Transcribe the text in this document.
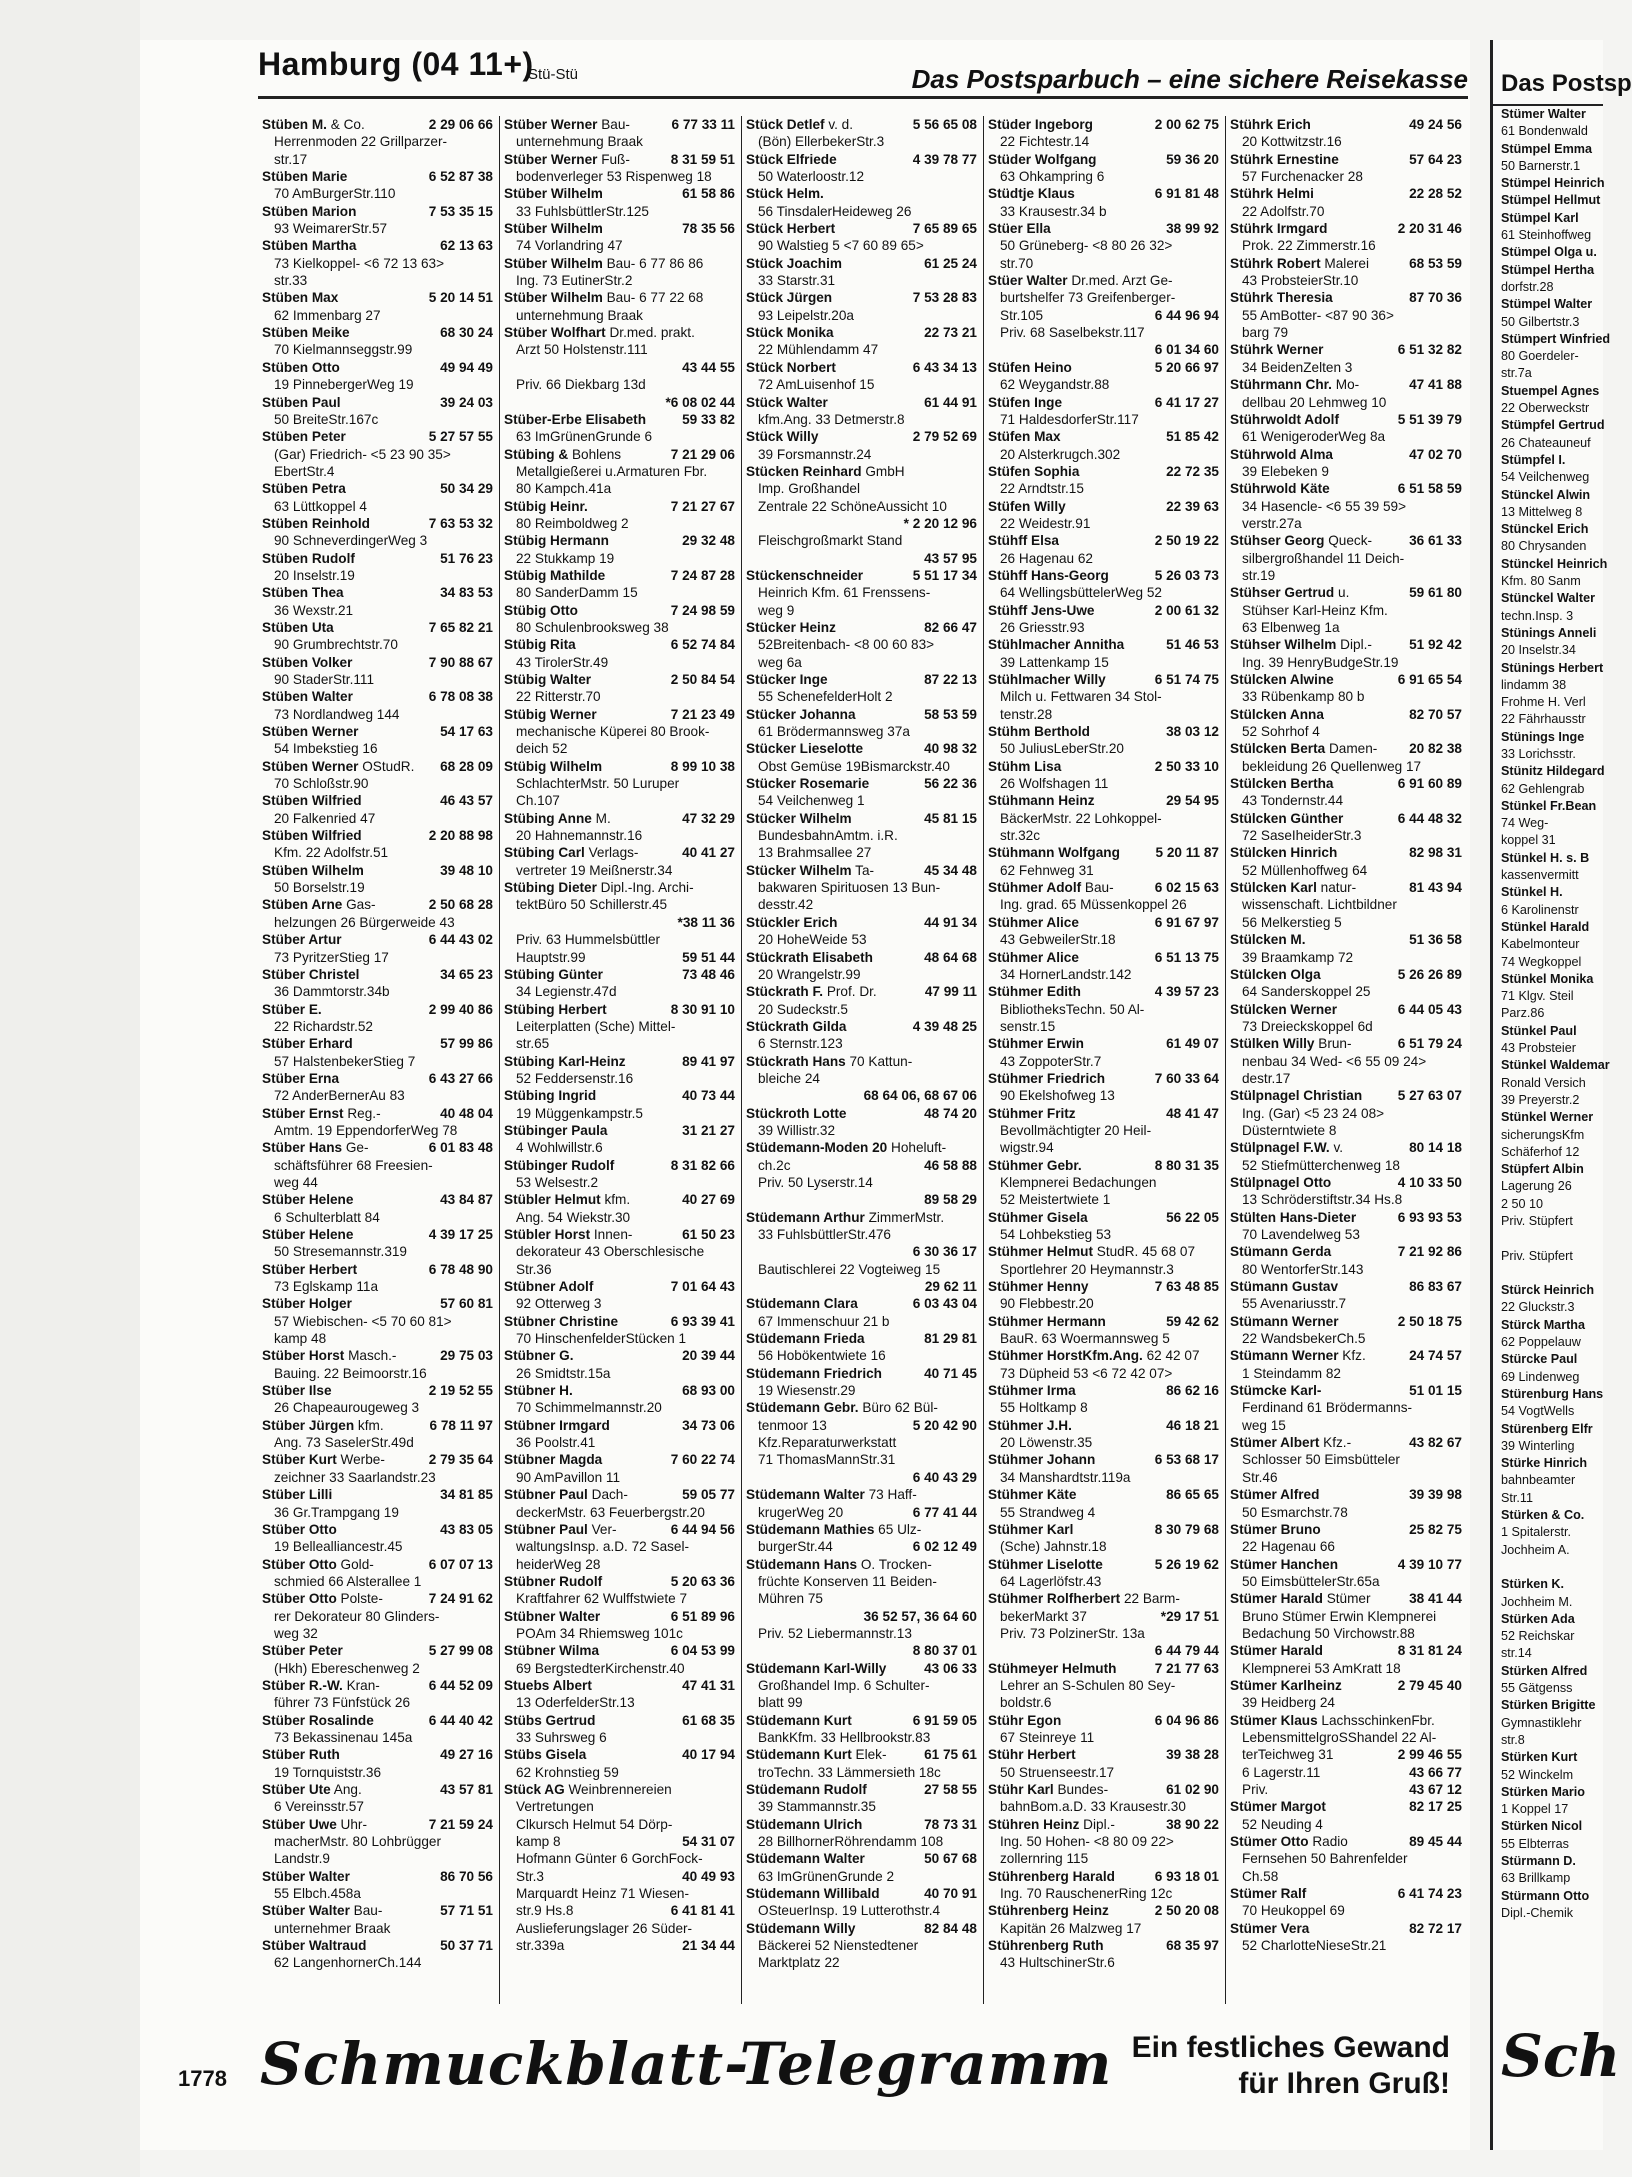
Hamburg (04 11+)
Stü-Stü	Das Postsparbuch – eine sichere Reisekasse
Stüben M. & Co.	2 29 06 66
Herrenmoden 22 Grillparzer-
str.17
Stüben Marie	6 52 87 38
70 AmBurgerStr.110
Stüben Marion	7 53 35 15
93 WeimarerStr.57
Stüben Martha	62 13 63
73 Kielkoppel- <6 72 13 63>
str.33
Stüben Max	5 20 14 51
62 Immenbarg 27
Stüben Meike	68 30 24
70 Kielmannseggstr.99
Stüben Otto	49 94 49
19 PinnebergerWeg 19
Stüben Paul	39 24 03
50 BreiteStr.167c
Stüben Peter	5 27 57 55
(Gar) Friedrich- <5 23 90 35>
EbertStr.4
Stüben Petra	50 34 29
63 Lüttkoppel 4
Stüben Reinhold	7 63 53 32
90 SchneverdingerWeg 3
Stüben Rudolf	51 76 23
20 Inselstr.19
Stüben Thea	34 83 53
36 Wexstr.21
Stüben Uta	7 65 82 21
90 Grumbrechtstr.70
Stüben Volker	7 90 88 67
90 StaderStr.111
Stüben Walter	6 78 08 38
73 Nordlandweg 144
Stüben Werner	54 17 63
54 Imbekstieg 16
Stüben Werner OStudR. 68 28 09
70 Schloßstr.90
Stüben Wilfried	46 43 57
20 Falkenried 47
Stüben Wilfried	2 20 88 98
Kfm. 22 Adolfstr.51
Stüben Wilhelm	39 48 10
50 Borselstr.19
Stüben Arne Gas-	2 50 68 28
helzungen 26 Bürgerweide 43
Stüber Artur	6 44 43 02
73 PyritzerStieg 17
Stüber Christel	34 65 23
36 Dammtorstr.34b
Stüber E.	2 99 40 86
22 Richardstr.52
Stüber Erhard	57 99 86
57 HalstenbekerStieg 7
Stüber Erna	6 43 27 66
72 AnderBernerAu 83
Stüber Ernst Reg.-	40 48 04
Amtm. 19 EppendorferWeg 78
Stüber Hans Ge-	6 01 83 48
schäftsführer 68 Freesien-
weg 44
Stüber Helene	43 84 87
6 Schulterblatt 84
Stüber Helene	4 39 17 25
50 Stresemannstr.319
Stüber Herbert	6 78 48 90
73 Eglskamp 11a
Stüber Holger	57 60 81
57 Wiebischen- <5 70 60 81>
kamp 48
Stüber Horst Masch.-	29 75 03
Bauing. 22 Beimoorstr.16
Stüber Ilse	2 19 52 55
26 Chapeaurougeweg 3
Stüber Jürgen kfm.	6 78 11 97
Ang. 73 SaselerStr.49d
Stüber Kurt Werbe-	2 79 35 64
zeichner 33 Saarlandstr.23
Stüber Lilli	34 81 85
36 Gr.Trampgang 19
Stüber Otto	43 83 05
19 Bellealliancestr.45
Stüber Otto Gold-	6 07 07 13
schmied 66 Alsterallee 1
Stüber Otto Polste-	7 24 91 62
rer Dekorateur 80 Glinders-
weg 32
Stüber Peter	5 27 99 08
(Hkh) Ebereschenweg 2
Stüber R.-W. Kran-	6 44 52 09
führer 73 Fünfstück 26
Stüber Rosalinde	6 44 40 42
73 Bekassinenau 145a
Stüber Ruth	49 27 16
19 Tornquiststr.36
Stüber Ute Ang.	43 57 81
6 Vereinsstr.57
Stüber Uwe Uhr-	7 21 59 24
macherMstr. 80 Lohbrügger
Landstr.9
Stüber Walter	86 70 56
55 Elbch.458a
Stüber Walter Bau-	57 71 51
unternehmer Braak
Stüber Waltraud	50 37 71
62 LangenhornerCh.144
Stüber Werner Bau-	6 77 33 11
unternehmung Braak
Stüber Werner Fuß-	8 31 59 51
bodenverleger 53 Rispenweg 18
Stüber Wilhelm	61 58 86
33 FuhlsbüttlerStr.125
Stüber Wilhelm	78 35 56
74 Vorlandring 47
Stüber Wilhelm Bau- 6 77 86 86
Ing. 73 EutinerStr.2
Stüber Wilhelm Bau- 6 77 22 68
unternehmung Braak
Stüber Wolfhart Dr.med. prakt.
Arzt 50 Holstenstr.111
43 44 55
Priv. 66 Diekbarg 13d
*6 08 02 44
Stüber-Erbe Elisabeth	59 33 82
63 ImGrünenGrunde 6
Stübing & Bohlens	7 21 29 06
Metallgießerei u.Armaturen Fbr.
80 Kampch.41a
Stübig Heinr.	7 21 27 67
80 Reimboldweg 2
Stübig Hermann	29 32 48
22 Stukkamp 19
Stübig Mathilde	7 24 87 28
80 SanderDamm 15
Stübig Otto	7 24 98 59
80 Schulenbrooksweg 38
Stübig Rita	6 52 74 84
43 TirolerStr.49
Stübig Walter	2 50 84 54
22 Ritterstr.70
Stübig Werner	7 21 23 49
mechanische Küperei 80 Brook-
deich 52
Stübig Wilhelm	8 99 10 38
SchlachterMstr. 50 Luruper
Ch.107
Stübing Anne M.	47 32 29
20 Hahnemannstr.16
Stübing Carl Verlags-	40 41 27
vertreter 19 Meißnerstr.34
Stübing Dieter Dipl.-Ing. Archi-
tektBüro 50 Schillerstr.45
*38 11 36
Priv. 63 Hummelsbüttler
Hauptstr.99	59 51 44
Stübing Günter	73 48 46
34 Legienstr.47d
Stübing Herbert	8 30 91 10
Leiterplatten (Sche) Mittel-
str.65
Stübing Karl-Heinz	89 41 97
52 Feddersenstr.16
Stübing Ingrid	40 73 44
19 Müggenkampstr.5
Stübinger Paula	31 21 27
4 Wohlwillstr.6
Stübinger Rudolf	8 31 82 66
53 Welsestr.2
Stübler Helmut kfm.	40 27 69
Ang. 54 Wiekstr.30
Stübler Horst Innen-	61 50 23
dekorateur 43 Oberschlesische
Str.36
Stübner Adolf	7 01 64 43
92 Otterweg 3
Stübner Christine	6 93 39 41
70 HinschenfelderStücken 1
Stübner G.	20 39 44
26 Smidtstr.15a
Stübner H.	68 93 00
70 Schimmelmannstr.20
Stübner Irmgard	34 73 06
36 Poolstr.41
Stübner Magda	7 60 22 74
90 AmPavillon 11
Stübner Paul Dach-	59 05 77
deckerMstr. 63 Feuerbergstr.20
Stübner Paul Ver-	6 44 94 56
waltungsInsp. a.D. 72 Sasel-
heiderWeg 28
Stübner Rudolf	5 20 63 36
Kraftfahrer 62 Wulffstwiete 7
Stübner Walter	6 51 89 96
POAm 34 Rhiemsweg 101c
Stübner Wilma	6 04 53 99
69 BergstedterKirchenstr.40
Stuebs Albert	47 41 31
13 OderfelderStr.13
Stübs Gertrud	61 68 35
33 Suhrsweg 6
Stübs Gisela	40 17 94
62 Krohnstieg 59
Stück AG Weinbrennereien
Vertretungen
Clkursch Helmut 54 Dörp-
kamp 8	54 31 07
Hofmann Günter 6 GorchFock-
Str.3	40 49 93
Marquardt Heinz 71 Wiesen-
str.9 Hs.8	6 41 81 41
Auslieferungslager 26 Süder-
str.339a	21 34 44
Stück Detlef v. d.	5 56 65 08
(Bön) EllerbekerStr.3
Stück Elfriede	4 39 78 77
50 Waterloostr.12
Stück Helm.
56 TinsdalerHeideweg 26
Stück Herbert	7 65 89 65
90 Walstieg 5 <7 60 89 65>
Stück Joachim	61 25 24
33 Starstr.31
Stück Jürgen	7 53 28 83
93 Leipelstr.20a
Stück Monika	22 73 21
22 Mühlendamm 47
Stück Norbert	6 43 34 13
72 AmLuisenhof 15
Stück Walter	61 44 91
kfm.Ang. 33 Detmerstr.8
Stück Willy	2 79 52 69
39 Forsmannstr.24
Stücken Reinhard GmbH
Imp. Großhandel
Zentrale 22 SchöneAussicht 10
* 2 20 12 96
Fleischgroßmarkt Stand
43 57 95
Stückenschneider	5 51 17 34
Heinrich Kfm. 61 Frenssens-
weg 9
Stücker Heinz	82 66 47
52Breitenbach- <8 00 60 83>
weg 6a
Stücker Inge	87 22 13
55 SchenefelderHolt 2
Stücker Johanna	58 53 59
61 Brödermannsweg 37a
Stücker Lieselotte	40 98 32
Obst Gemüse 19Bismarckstr.40
Stücker Rosemarie	56 22 36
54 Veilchenweg 1
Stücker Wilhelm	45 81 15
BundesbahnAmtm. i.R.
13 Brahmsallee 27
Stücker Wilhelm Ta-	45 34 48
bakwaren Spirituosen 13 Bun-
desstr.42
Stückler Erich	44 91 34
20 HoheWeide 53
Stückrath Elisabeth	48 64 68
20 Wrangelstr.99
Stückrath F. Prof. Dr.	47 99 11
20 Sudeckstr.5
Stückrath Gilda	4 39 48 25
6 Sternstr.123
Stückrath Hans 70 Kattun-
bleiche 24
68 64 06, 68 67 06
Stückroth Lotte	48 74 20
39 Willistr.32
Stüdemann-Moden 20 Hoheluft-
ch.2c	46 58 88
Priv. 50 Lyserstr.14
89 58 29
Stüdemann Arthur ZimmerMstr.
33 FuhlsbüttlerStr.476
6 30 36 17
Bautischlerei 22 Vogteiweg 15
29 62 11
Stüdemann Clara	6 03 43 04
67 Immenschuur 21 b
Stüdemann Frieda	81 29 81
56 Hobökentwiete 16
Stüdemann Friedrich	40 71 45
19 Wiesenstr.29
Stüdemann Gebr. Büro 62 Bül-
tenmoor 13	5 20 42 90
Kfz.Reparaturwerkstatt
71 ThomasMannStr.31
6 40 43 29
Stüdemann Walter 73 Haff-
krugerWeg 20	6 77 41 44
Stüdemann Mathies 65 Ulz-
burgerStr.44	6 02 12 49
Stüdemann Hans O. Trocken-
früchte Konserven 11 Beiden-
Mühren 75
36 52 57, 36 64 60
Priv. 52 Liebermannstr.13
8 80 37 01
Stüdemann Karl-Willy	43 06 33
Großhandel Imp. 6 Schulter-
blatt 99
Stüdemann Kurt	6 91 59 05
BankKfm. 33 Hellbrookstr.83
Stüdemann Kurt Elek-	61 75 61
troTechn. 33 Lämmersieth 18c
Stüdemann Rudolf	27 58 55
39 Stammannstr.35
Stüdemann Ulrich	78 73 31
28 BillhornerRöhrendamm 108
Stüdemann Walter	50 67 68
63 ImGrünenGrunde 2
Stüdemann Willibald	40 70 91
OSteuerInsp. 19 Lutterothstr.4
Stüdemann Willy	82 84 48
Bäckerei 52 Nienstedtener
Marktplatz 22
Stüder Ingeborg	2 00 62 75
22 Fichtestr.14
Stüder Wolfgang	59 36 20
63 Ohkampring 6
Stüdtje Klaus	6 91 81 48
33 Krausestr.34 b
Stüer Ella	38 99 92
50 Grüneberg- <8 80 26 32>
str.70
Stüer Walter Dr.med. Arzt Ge-
burtshelfer 73 Greifenberger-
Str.105	6 44 96 94
Priv. 68 Saselbekstr.117
6 01 34 60
Stüfen Heino	5 20 66 97
62 Weygandstr.88
Stüfen Inge	6 41 17 27
71 HaldesdorferStr.117
Stüfen Max	51 85 42
20 Alsterkrugch.302
Stüfen Sophia	22 72 35
22 Arndtstr.15
Stüfen Willy	22 39 63
22 Weidestr.91
Stühff Elsa	2 50 19 22
26 Hagenau 62
Stühff Hans-Georg	5 26 03 73
64 WellingsbüttelerWeg 52
Stühff Jens-Uwe	2 00 61 32
26 Griesstr.93
Stühlmacher Annitha	51 46 53
39 Lattenkamp 15
Stühlmacher Willy	6 51 74 75
Milch u. Fettwaren 34 Stol-
tenstr.28
Stühm Berthold	38 03 12
50 JuliusLeberStr.20
Stühm Lisa	2 50 33 10
26 Wolfshagen 11
Stühmann Heinz	29 54 95
BäckerMstr. 22 Lohkoppel-
str.32c
Stühmann Wolfgang	5 20 11 87
62 Fehnweg 31
Stühmer Adolf Bau-	6 02 15 63
Ing. grad. 65 Müssenkoppel 26
Stühmer Alice	6 91 67 97
43 GebweilerStr.18
Stühmer Alice	6 51 13 75
34 HornerLandstr.142
Stühmer Edith	4 39 57 23
BibliotheksTechn. 50 Al-
senstr.15
Stühmer Erwin	61 49 07
43 ZoppoterStr.7
Stühmer Friedrich	7 60 33 64
90 Ekelshofweg 13
Stühmer Fritz	48 41 47
Bevollmächtigter 20 Heil-
wigstr.94
Stühmer Gebr.	8 80 31 35
Klempnerei Bedachungen
52 Meistertwiete 1
Stühmer Gisela	56 22 05
54 Lohbekstieg 53
Stühmer Helmut StudR. 45 68 07
Sportlehrer 20 Heymannstr.3
Stühmer Henny	7 63 48 85
90 Flebbestr.20
Stühmer Hermann	59 42 62
BauR. 63 Woermannsweg 5
Stühmer HorstKfm.Ang. 62 42 07
73 Düpheid 53 <6 72 42 07>
Stühmer Irma	86 62 16
55 Holtkamp 8
Stühmer J.H.	46 18 21
20 Löwenstr.35
Stühmer Johann	6 53 68 17
34 Manshardtstr.119a
Stühmer Käte	86 65 65
55 Strandweg 4
Stühmer Karl	8 30 79 68
(Sche) Jahnstr.18
Stühmer Liselotte	5 26 19 62
64 Lagerlöfstr.43
Stühmer Rolfherbert 22 Barm-
bekerMarkt 37	*29 17 51
Priv. 73 PolzinerStr. 13a
6 44 79 44
Stühmeyer Helmuth	7 21 77 63
Lehrer an S-Schulen 80 Sey-
boldstr.6
Stühr Egon	6 04 96 86
67 Steinreye 11
Stühr Herbert	39 38 28
50 Struenseestr.17
Stühr Karl Bundes-	61 02 90
bahnBom.a.D. 33 Krausestr.30
Stühren Heinz Dipl.-	38 90 22
Ing. 50 Hohen- <8 80 09 22>
zollernring 115
Stührenberg Harald	6 93 18 01
Ing. 70 RauschenerRing 12c
Stührenberg Heinz	2 50 20 08
Kapitän 26 Malzweg 17
Stührenberg Ruth	68 35 97
43 HultschinerStr.6
Stührk Erich	49 24 56
20 Kottwitzstr.16
Stührk Ernestine	57 64 23
57 Furchenacker 28
Stührk Helmi	22 28 52
22 Adolfstr.70
Stührk Irmgard	2 20 31 46
Prok. 22 Zimmerstr.16
Stührk Robert Malerei	68 53 59
43 ProbsteierStr.10
Stührk Theresia	87 70 36
55 AmBotter- <87 90 36>
barg 79
Stührk Werner	6 51 32 82
34 BeidenZelten 3
Stührmann Chr. Mo-	47 41 88
dellbau 20 Lehmweg 10
Stührwoldt Adolf	5 51 39 79
61 WenigeroderWeg 8a
Stührwold Alma	47 02 70
39 Elebeken 9
Stührwold Käte	6 51 58 59
34 Hasencle- <6 55 39 59>
verstr.27a
Stühser Georg Queck-	36 61 33
silbergroßhandel 11 Deich-
str.19
Stühser Gertrud u.	59 61 80
Stühser Karl-Heinz Kfm.
63 Elbenweg 1a
Stühser Wilhelm Dipl.-	51 92 42
Ing. 39 HenryBudgeStr.19
Stülcken Alwine	6 91 65 54
33 Rübenkamp 80 b
Stülcken Anna	82 70 57
52 Sohrhof 4
Stülcken Berta Damen- 20 82 38
bekleidung 26 Quellenweg 17
Stülcken Bertha	6 91 60 89
43 Tondernstr.44
Stülcken Günther	6 44 48 32
72 SaseIheiderStr.3
Stülcken Hinrich	82 98 31
52 Müllenhoffweg 64
Stülcken Karl natur-	81 43 94
wissenschaft. Lichtbildner
56 Melkerstieg 5
Stülcken M.	51 36 58
39 Braamkamp 72
Stülcken Olga	5 26 26 89
64 Sanderskoppel 25
Stülcken Werner	6 44 05 43
73 Dreieckskoppel 6d
Stülken Willy Brun-	6 51 79 24
nenbau 34 Wed- <6 55 09 24>
destr.17
Stülpnagel Christian	5 27 63 07
Ing. (Gar) <5 23 24 08>
Düsterntwiete 8
Stülpnagel F.W. v.	80 14 18
52 Stiefmütterchenweg 18
Stülpnagel Otto	4 10 33 50
13 Schröderstiftstr.34 Hs.8
Stülten Hans-Dieter	6 93 93 53
70 Lavendelweg 53
Stümann Gerda	7 21 92 86
80 WentorferStr.143
Stümann Gustav	86 83 67
55 Avenariusstr.7
Stümann Werner	2 50 18 75
22 WandsbekerCh.5
Stümann Werner Kfz.	24 74 57
1 Steindamm 82
Stümcke Karl-	51 01 15
Ferdinand 61 Brödermanns-
weg 15
Stümer Albert Kfz.-	43 82 67
Schlosser 50 Eimsbütteler
Str.46
Stümer Alfred	39 39 98
50 Esmarchstr.78
Stümer Bruno	25 82 75
22 Hagenau 66
Stümer Hanchen	4 39 10 77
50 EimsbüttelerStr.65a
Stümer Harald Stümer	38 41 44
Bruno Stümer Erwin Klempnerei
Bedachung 50 Virchowstr.88
Stümer Harald	8 31 81 24
Klempnerei 53 AmKratt 18
Stümer Karlheinz	2 79 45 40
39 Heidberg 24
Stümer Klaus LachsschinkenFbr.
LebensmittelgroSShandel 22 Al-
terTeichweg 31	2 99 46 55
6 Lagerstr.11	43 66 77
Priv.	43 67 12
Stümer Margot	82 17 25
52 Neuding 4
Stümer Otto Radio	89 45 44
Fernsehen 50 Bahrenfelder
Ch.58
Stümer Ralf	6 41 74 23
70 Heukoppel 69
Stümer Vera	82 72 17
52 CharlotteNieseStr.21
Das Postsp
Stümer Walter
61 Bondenwald
Stümpel Emma
50 Barnerstr.1
Stümpel Heinrich
Stümpel Hellmut
Stümpel Karl
61 Steinhoffweg
Stümpel Olga u.
Stümpel Hertha
dorfstr.28
Stümpel Walter
50 Gilbertstr.3
Stümpert Winfried
80 Goerdeler-
str.7a
Stuempel Agnes
22 Oberweckstr
Stümpfel Gertrud
26 Chateauneuf
Stümpfel I.
54 Veilchenweg
Stünckel Alwin
13 Mittelweg 8
Stünckel Erich
80 Chrysanden
Stünckel Heinrich
Kfm. 80 Sanm
Stünckel Walter
techn.Insp. 3
Stünings Anneli
20 Inselstr.34
Stünings Herbert
lindamm 38
Frohme H. Verl
22 Fährhausstr
Stünings Inge
33 Lorichsstr.
Stünitz Hildegard
62 Gehlengrab
Stünkel Fr.Bean
74 Weg-
koppel 31
Stünkel H. s. B
kassenvermitt
Stünkel H.
6 Karolinenstr
Stünkel Harald
Kabelmonteur
74 Wegkoppel
Stünkel Monika
71 Klgv. Steil
Parz.86
Stünkel Paul
43 Probsteier
Stünkel Waldemar
Ronald Versich
39 Preyerstr.2
Stünkel Werner
sicherungsKfm
Schäferhof 12
Stüpfert Albin
Lagerung 26
2 50 10
Priv. Stüpfert

Priv. Stüpfert

Stürck Heinrich
22 Gluckstr.3
Stürck Martha
62 Poppelauw
Stürcke Paul
69 Lindenweg
Stürenburg Hans
54 VogtWells
Stürenberg Elfr
39 Winterling
Stürke Hinrich
bahnbeamter
Str.11
Stürken & Co.
1 Spitalerstr.
Jochheim A.

Stürken K.
Jochheim M.
Stürken Ada
52 Reichskar
str.14
Stürken Alfred
55 Gätgenss
Stürken Brigitte
Gymnastiklehr
str.8
Stürken Kurt
52 Winckelm
Stürken Mario
1 Koppel 17
Stürken Nicol
55 Elbterras
Stürmann D.
63 Brillkamp
Stürmann Otto
Dipl.-Chemik
Sch
1778 Schmuckblatt-Telegramm Ein festliches Gewand
für Ihren Gruß!
